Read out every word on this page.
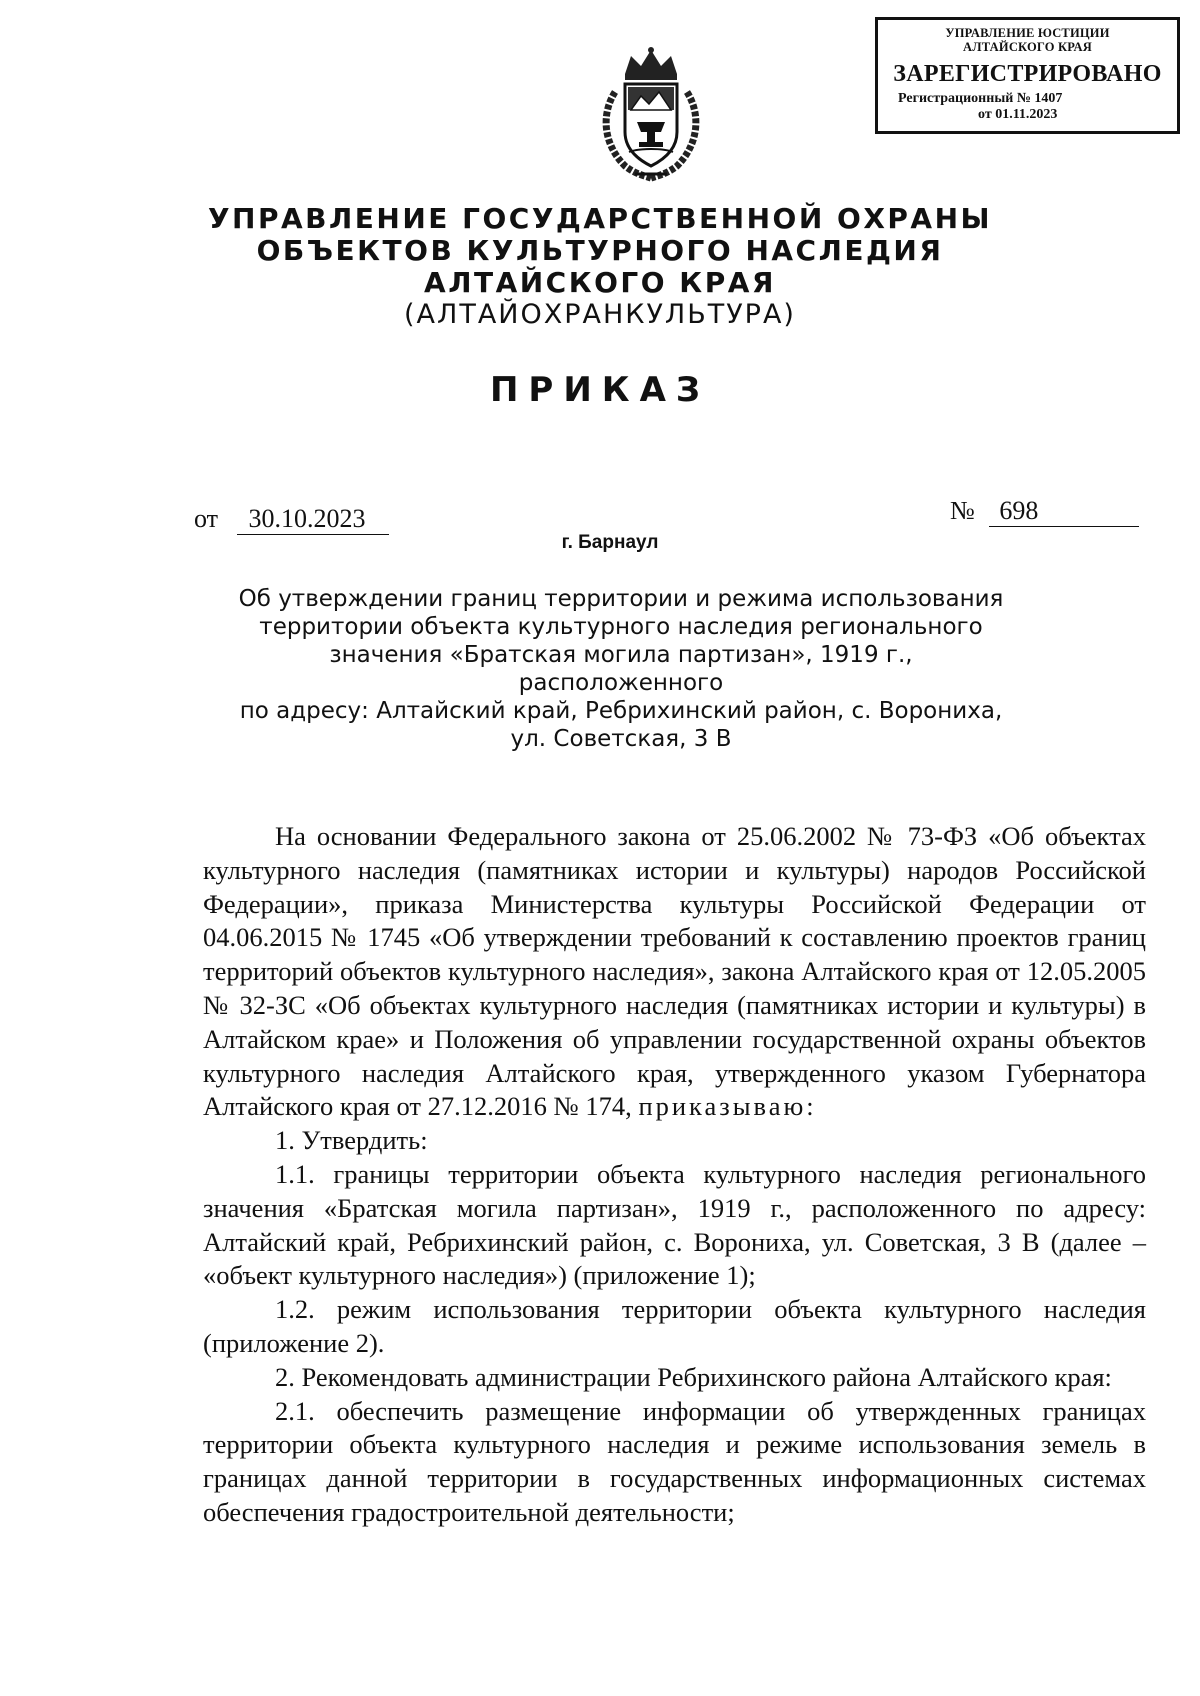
УПРАВЛЕНИЕ ЮСТИЦИИ
АЛТАЙСКОГО КРАЯ
ЗАРЕГИСТРИРОВАНО
Регистрационный № 1407
от 01.11.2023
УПРАВЛЕНИЕ ГОСУДАРСТВЕННОЙ ОХРАНЫ
ОБЪЕКТОВ КУЛЬТУРНОГО НАСЛЕДИЯ
АЛТАЙСКОГО КРАЯ
(АЛТАЙОХРАНКУЛЬТУРА)
ПРИКАЗ
от 30.10.2023	№ 698
г. Барнаул
Об утверждении границ территории и режима использования
территории объекта культурного наследия регионального
значения «Братская могила партизан», 1919 г., расположенного
по адресу: Алтайский край, Ребрихинский район, с. Ворониха,
ул. Советская, 3 В

На основании Федерального закона от 25.06.2002 № 73-ФЗ «Об объектах культурного наследия (памятниках истории и культуры) народов Российской Федерации», приказа Министерства культуры Российской Федерации от 04.06.2015 № 1745 «Об утверждении требований к составлению проектов границ территорий объектов культурного наследия», закона Алтайского края от 12.05.2005 № 32-ЗС «Об объектах культурного наследия (памятниках истории и культуры) в Алтайском крае» и Положения об управлении государственной охраны объектов культурного наследия Алтайского края, утвержденного указом Губернатора Алтайского края от 27.12.2016 № 174, приказываю:

1. Утвердить:

1.1. границы территории объекта культурного наследия регионального значения «Братская могила партизан», 1919 г., расположенного по адресу: Алтайский край, Ребрихинский район, с. Ворониха, ул. Советская, 3 В (далее – «объект культурного наследия») (приложение 1);

1.2. режим использования территории объекта культурного наследия (приложение 2).

2. Рекомендовать администрации Ребрихинского района Алтайского края:

2.1. обеспечить размещение информации об утвержденных границах территории объекта культурного наследия и режиме использования земель в границах данной территории в государственных информационных системах обеспечения градостроительной деятельности;
